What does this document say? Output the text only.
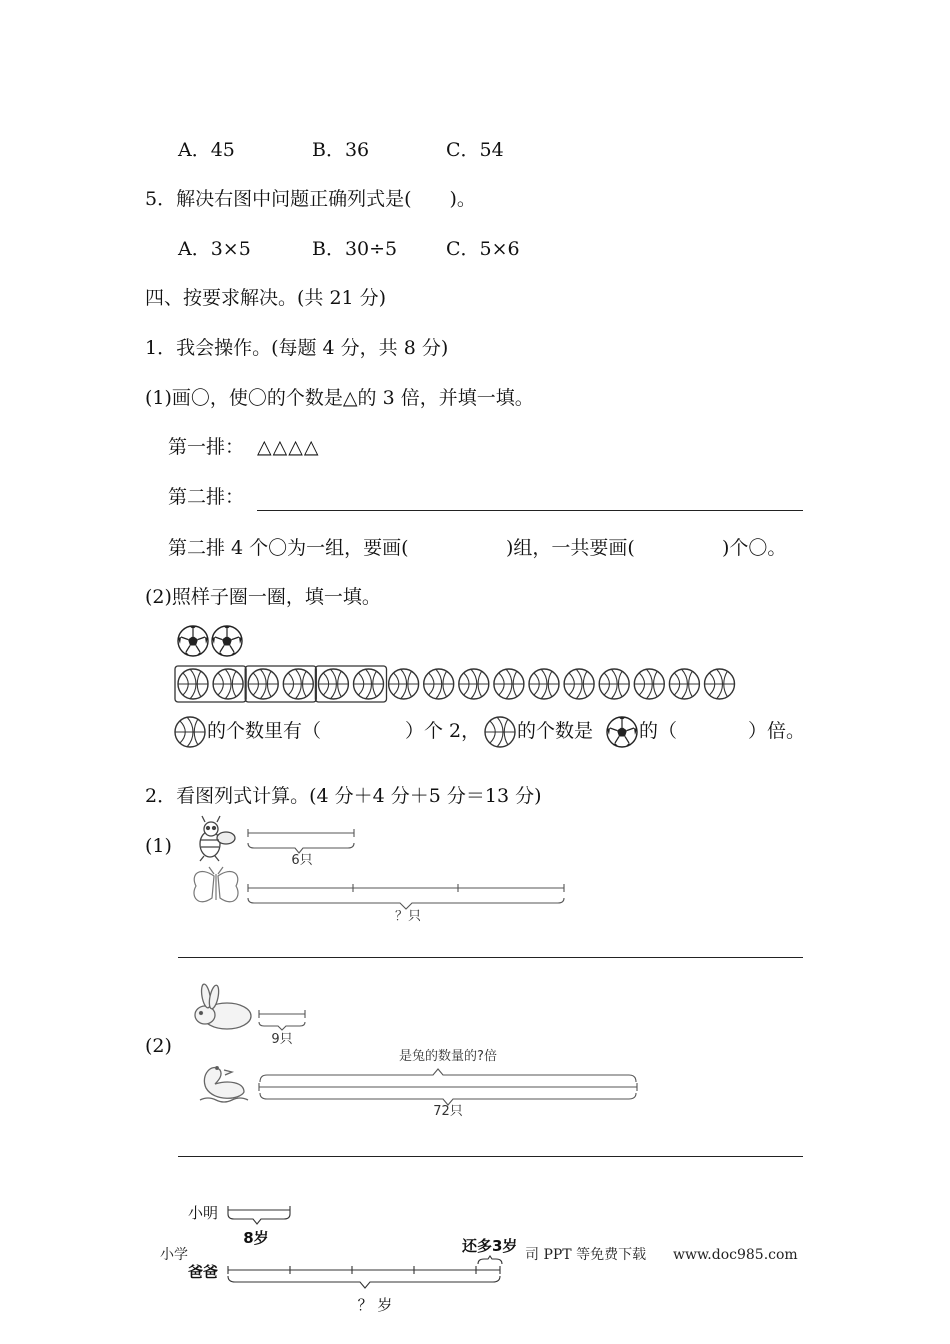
A．45	B．36	C．54
5．解决右图中问题正确列式是(　　)。
A．3×5	B．30÷5	C．5×6
四、按要求解决。(共 21 分)
1．我会操作。(每题 4 分，共 8 分)
(1)画〇，使〇的个数是△的 3 倍，并填一填。
第一排： △△△△
第二排：
第二排 4 个〇为一组，要画(	)组，一共要画(	)个〇。
(2)照样子圈一圈，填一填。
的个数里有（	）个 2， 的个数是 的（	）倍。
2．看图列式计算。(4 分＋4 分＋5 分＝13 分)
(1)
6只
？只
9只
是兔的数量的?倍
72只
小明
8岁	还多3岁
爸爸
？ 岁
(2)
小学	司 PPT 等免费下载 www.doc985.com
